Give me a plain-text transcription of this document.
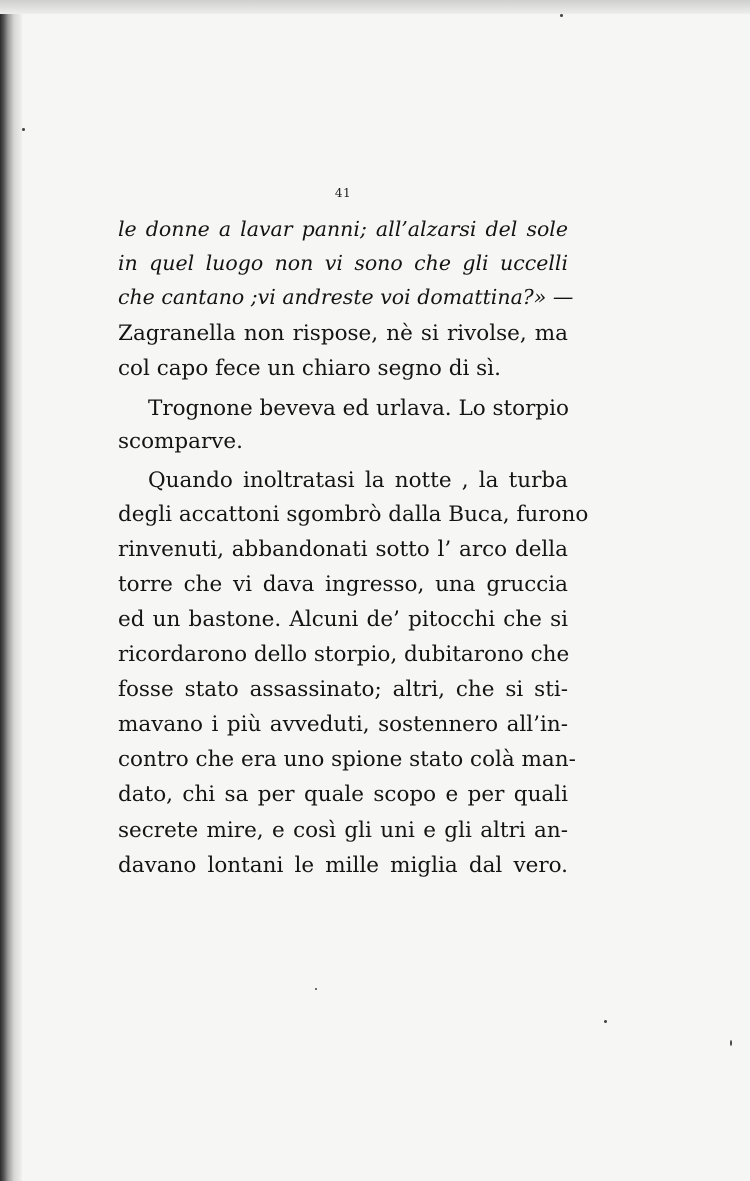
41
le donne a lavar panni; all’alzarsi del sole
in quel luogo non vi sono che gli uccelli
che cantano ;vi andreste voi domattina?» —
Zagranella non rispose, nè si rivolse, ma
col capo fece un chiaro segno di sì.
Trognone beveva ed urlava. Lo storpio
scomparve.
Quando inoltratasi la notte , la turba
degli accattoni sgombrò dalla Buca, furono
rinvenuti, abbandonati sotto l’ arco della
torre che vi dava ingresso, una gruccia
ed un bastone. Alcuni de’ pitocchi che si
ricordarono dello storpio, dubitarono che
fosse stato assassinato; altri, che si sti-
mavano i più avveduti, sostennero all’in-
contro che era uno spione stato colà man-
dato, chi sa per quale scopo e per quali
secrete mire, e così gli uni e gli altri an-
davano lontani le mille miglia dal vero.
